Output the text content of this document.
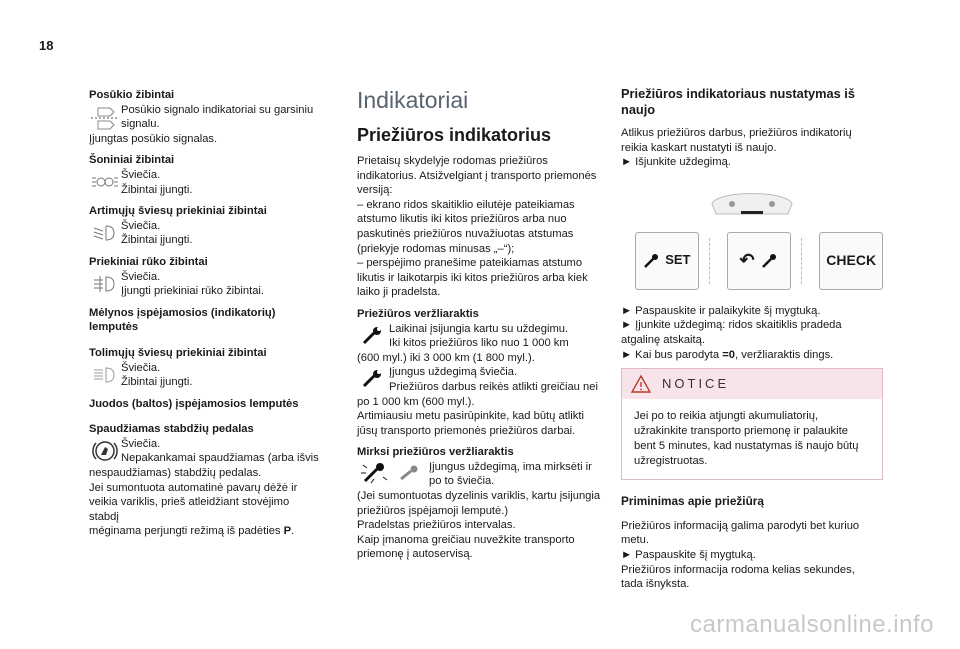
18
Posūkio žibintai
Posūkio signalo indikatoriai su garsiniu
signalu.
Įjungtas posūkio signalas.
Šoniniai žibintai
Šviečia.
Žibintai įjungti.
Artimųjų šviesų priekiniai žibintai
Šviečia.
Žibintai įjungti.
Priekiniai rūko žibintai
Šviečia.
Įjungti priekiniai rūko žibintai.
Mėlynos įspėjamosios (indikatorių) lemputės
Tolimųjų šviesų priekiniai žibintai
Šviečia.
Žibintai įjungti.
Juodos (baltos) įspėjamosios lemputės
Spaudžiamas stabdžių pedalas
Šviečia.
Nepakankamai spaudžiamas (arba išvis
nespaudžiamas) stabdžių pedalas.
Jei sumontuota automatinė pavarų dėžė ir
veikia variklis, prieš atleidžiant stovėjimo stabdį
méginama perjungti režimą iš padėties P.
Indikatoriai
Priežiūros indikatorius
Prietaisų skydelyje rodomas priežiūros
indikatorius. Atsižvelgiant į transporto priemonės
versiją:
– ekrano ridos skaitiklio eilutėje pateikiamas
atstumo likutis iki kitos priežiūros arba nuo
paskutinės priežiūros nuvažiuotas atstumas
(priekyje rodomas minusas „–“);
– perspėjimo pranešime pateikiamas atstumo
likutis ir laikotarpis iki kitos priežiūros arba kiek
laiko ji pradelsta.
Priežiūros veržliaraktis
Laikinai įsijungia kartu su uždegimu.
Iki kitos priežiūros liko nuo 1 000 km
(600 myl.) iki 3 000 km (1 800 myl.).
Įjungus uždegimą šviečia.
Priežiūros darbus reikės atlikti greičiau nei
po 1 000 km (600 myl.).
Artimiausiu metu pasirūpinkite, kad būtų atlikti
jūsų transporto priemonės priežiūros darbai.
Mirksi priežiūros veržliaraktis
Įjungus uždegimą, ima mirksėti ir
po to šviečia.
(Jei sumontuotas dyzelinis variklis, kartu įsijungia
priežiūros įspėjamoji lemputė.)
Pradelstas priežiūros intervalas.
Kaip įmanoma greičiau nuvežkite transporto
priemonę į autoservisą.
Priežiūros indikatoriaus nustatymas iš naujo
Atlikus priežiūros darbus, priežiūros indikatorių
reikia kaskart nustatyti iš naujo.
► Išjunkite uždegimą.
SET	↶	CHECK
► Paspauskite ir palaikykite šį mygtuką.
► Įjunkite uždegimą: ridos skaitiklis pradeda
atgalinę atskaitą.
► Kai bus parodyta =0, veržliaraktis dings.
NOTICE
Jei po to reikia atjungti akumuliatorių,
užrakinkite transporto priemonę ir palaukite
bent 5 minutes, kad nustatymas iš naujo būtų
užregistruotas.
Priminimas apie priežiūrą
Priežiūros informaciją galima parodyti bet kuriuo
metu.
► Paspauskite šį mygtuką.
Priežiūros informacija rodoma kelias sekundes,
tada išnyksta.
carmanualsonline.info
